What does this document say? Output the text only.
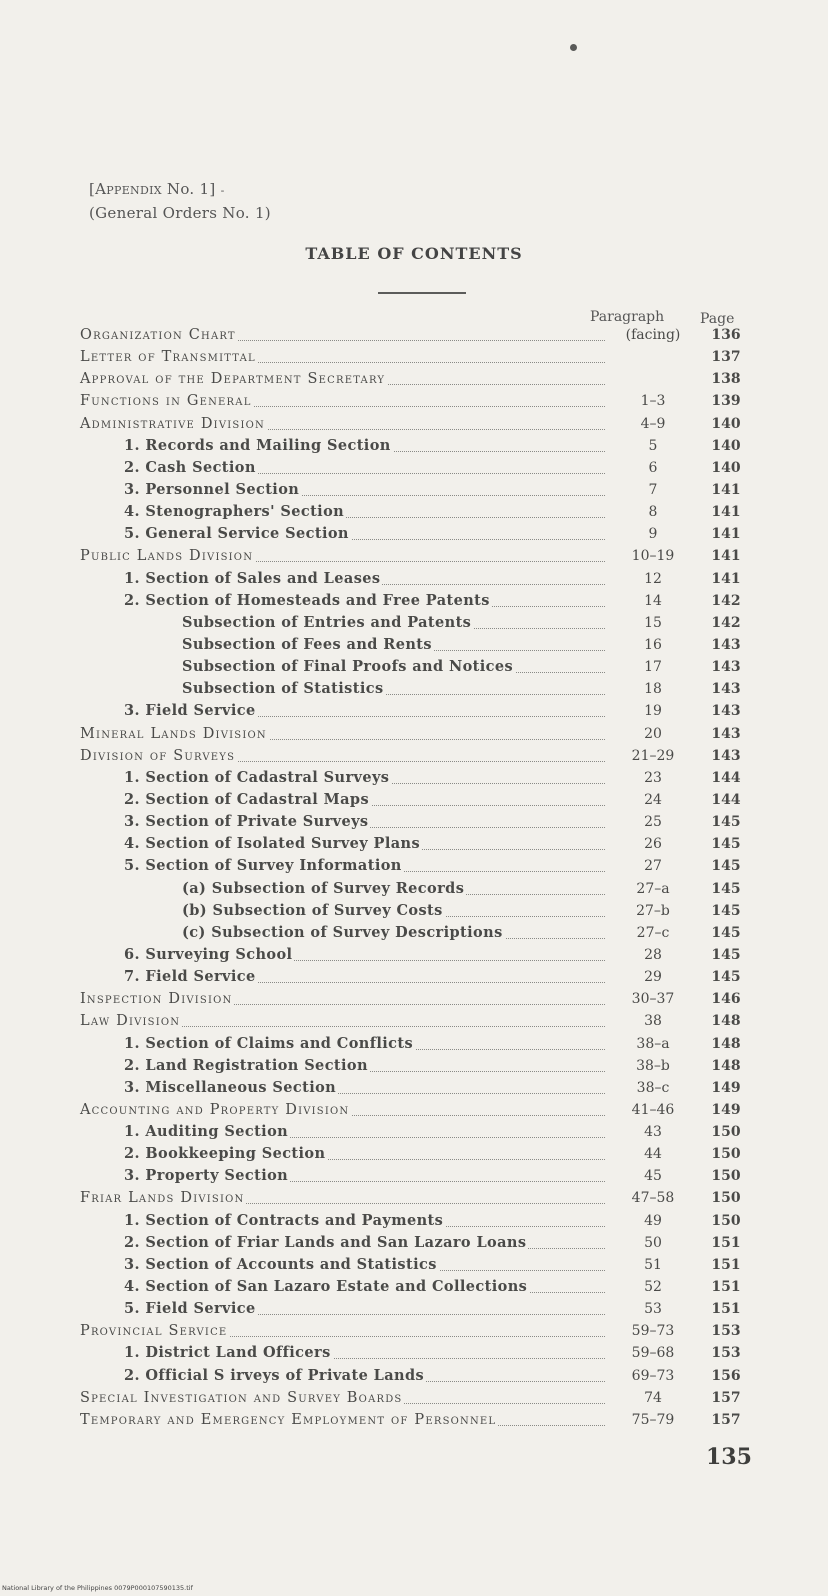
[Appendix No. 1] -
(General Orders No. 1)
TABLE OF CONTENTS
Paragraph	Page
Organization Chart	(facing)	136
Letter of Transmittal	137
Approval of the Department Secretary	138
Functions in General	1–3	139
Administrative Division	4–9	140
1. Records and Mailing Section	5	140
2. Cash Section	6	140
3. Personnel Section	7	141
4. Stenographers' Section	8	141
5. General Service Section	9	141
Public Lands Division	10–19	141
1. Section of Sales and Leases	12	141
2. Section of Homesteads and Free Patents	14	142
Subsection of Entries and Patents	15	142
Subsection of Fees and Rents	16	143
Subsection of Final Proofs and Notices	17	143
Subsection of Statistics	18	143
3. Field Service	19	143
Mineral Lands Division	20	143
Division of Surveys	21–29	143
1. Section of Cadastral Surveys	23	144
2. Section of Cadastral Maps	24	144
3. Section of Private Surveys	25	145
4. Section of Isolated Survey Plans	26	145
5. Section of Survey Information	27	145
(a) Subsection of Survey Records	27–a	145
(b) Subsection of Survey Costs	27–b	145
(c) Subsection of Survey Descriptions	27–c	145
6. Surveying School	28	145
7. Field Service	29	145
Inspection Division	30–37	146
Law Division	38	148
1. Section of Claims and Conflicts	38–a	148
2. Land Registration Section	38–b	148
3. Miscellaneous Section	38–c	149
Accounting and Property Division	41–46	149
1. Auditing Section	43	150
2. Bookkeeping Section	44	150
3. Property Section	45	150
Friar Lands Division	47–58	150
1. Section of Contracts and Payments	49	150
2. Section of Friar Lands and San Lazaro Loans	50	151
3. Section of Accounts and Statistics	51	151
4. Section of San Lazaro Estate and Collections	52	151
5. Field Service	53	151
Provincial Service	59–73	153
1. District Land Officers	59–68	153
2. Official S irveys of Private Lands	69–73	156
Special Investigation and Survey Boards	74	157
Temporary and Emergency Employment of Personnel	75–79	157
135
National Library of the Philippines 0079P000107590135.tif
